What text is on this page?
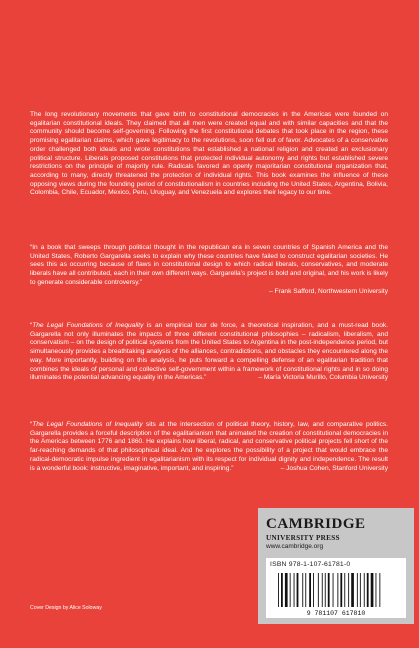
The long revolutionary movements that gave birth to constitutional democracies in the Americas were founded on egalitarian constitutional ideals. They claimed that all men were created equal and with similar capacities and that the community should become self-governing. Following the first constitutional debates that took place in the region, these promising egalitarian claims, which gave legitimacy to the revolutions, soon fell out of favor. Advocates of a conservative order challenged both ideals and wrote constitutions that established a national religion and created an exclusionary political structure. Liberals proposed constitutions that protected individual autonomy and rights but established severe restrictions on the principle of majority rule. Radicals favored an openly majoritarian constitutional organization that, according to many, directly threatened the protection of individual rights. This book examines the influence of these opposing views during the founding period of constitutionalism in countries including the United States, Argentina, Bolivia, Colombia, Chile, Ecuador, Mexico, Peru, Uruguay, and Venezuela and explores their legacy to our time.

“In a book that sweeps through political thought in the republican era in seven countries of Spanish America and the United States, Roberto Gargarella seeks to explain why these countries have failed to construct egalitarian societies. He sees this as occurring because of flaws in constitutional design to which radical liberals, conservatives, and moderate liberals have all contributed, each in their own different ways. Gargarella’s project is bold and original, and his work is likely to generate considerable controversy.”
– Frank Safford, Northwestern University

“The Legal Foundations of Inequality is an empirical tour de force, a theoretical inspiration, and a must-read book. Gargarella not only illuminates the impacts of three different constitutional philosophies – radicalism, liberalism, and conservatism – on the design of political systems from the United States to Argentina in the post-independence period, but simultaneously provides a breathtaking analysis of the alliances, contradictions, and obstacles they encountered along the way. More importantly, building on this analysis, he puts forward a compelling defense of an egalitarian tradition that combines the ideals of personal and collective self-government within a framework of constitutional rights and in so doing illuminates the potential advancing equality in the Americas.”	– María Victoria Murillo, Columbia University

“The Legal Foundations of Inequality sits at the intersection of political theory, history, law, and comparative politics. Gargarella provides a forceful description of the egalitarianism that animated the creation of constitutional democracies in the Americas between 1776 and 1860. He explains how liberal, radical, and conservative political projects fell short of the far-reaching demands of that philosophical ideal. And he explores the possibility of a project that would embrace the radical-democratic impulse ingredient in egalitarianism with its respect for individual dignity and independence. The result is a wonderful book: instructive, imaginative, important, and inspiring.”	– Joshua Cohen, Stanford University

CAMBRIDGE
UNIVERSITY PRESS
www.cambridge.org
ISBN 978-1-107-61781-0
9 781107 617810

Cover Design by Alice Soloway
